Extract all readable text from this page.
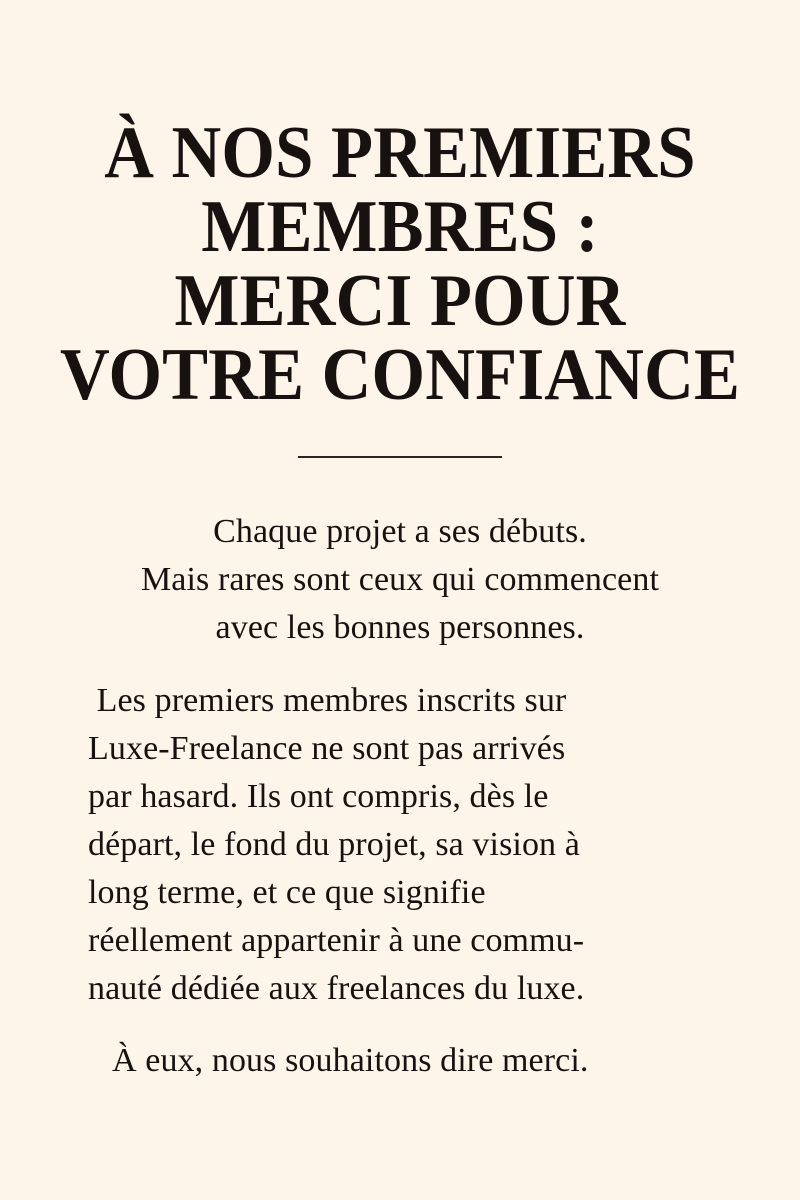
À NOS PREMIERS
MEMBRES :
MERCI POUR
VOTRE CONFIANCE

Chaque projet a ses débuts.
Mais rares sont ceux qui commencent
avec les bonnes personnes.

Les premiers membres inscrits sur
Luxe-Freelance ne sont pas arrivés
par hasard. Ils ont compris, dès le
départ, le fond du projet, sa vision à
long terme, et ce que signifie
réellement appartenir à une commu-
nauté dédiée aux freelances du luxe.

À eux, nous souhaitons dire merci.
